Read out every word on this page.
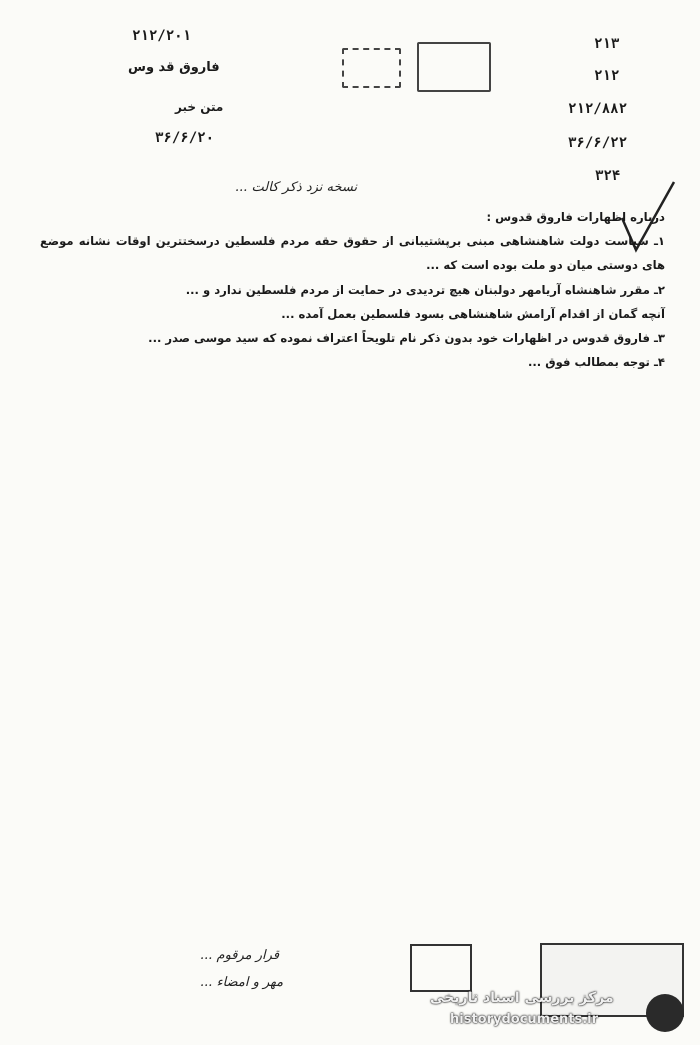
۲۱۲/۲۰۱
فاروق قد وس
متن خبر
۳۶/۶/۲۰
۲۱۳
۲۱۲
۲۱۲/۸۸۲
۳۶/۶/۲۲
۳۲۴
نسخه نزد ذکر کالت ...

درباره اظهارات فاروق قدوس :

۱ـ سیاست دولت شاهنشاهی مبنی برپشتیبانی از حقوق حقه مردم فلسطین درسختترین اوقات نشانه موضع های دوستی میان دو ملت بوده است که ...

۲ـ مقرر شاهنشاه آریامهر دولبنان هیچ تردیدی در حمایت از مردم فلسطین ندارد و ...

آنچه گمان از اقدام آرامش شاهنشاهی بسود فلسطین بعمل آمده ...

۳ـ فاروق قدوس در اظهارات خود بدون ذکر نام تلویحاً اعتراف نموده که سید موسی صدر ...

۴ـ توجه بمطالب فوق ...

قرار مرقوم ...
مهر و امضاء ...
مرکز بررسی اسناد تاریخی
historydocuments.ir
